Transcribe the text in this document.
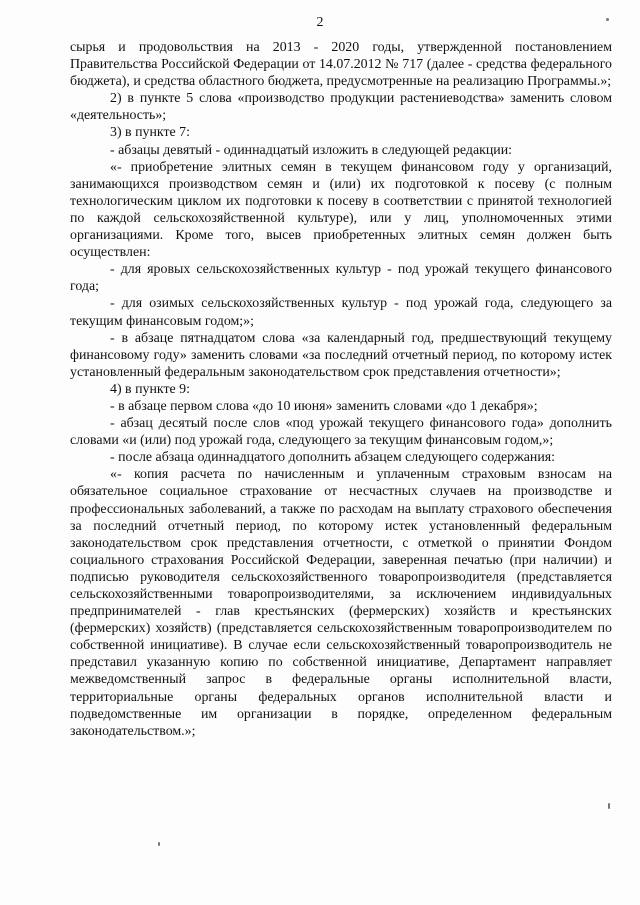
2

сырья и продовольствия на 2013 - 2020 годы, утвержденной постановлением Правительства Российской Федерации от 14.07.2012 № 717 (далее - средства федерального бюджета), и средства областного бюджета, предусмотренные на реализацию Программы.»;

2) в пункте 5 слова «производство продукции растениеводства» заменить словом «деятельность»;

3) в пункте 7:

- абзацы девятый - одиннадцатый изложить в следующей редакции:

«- приобретение элитных семян в текущем финансовом году у организаций, занимающихся производством семян и (или) их подготовкой к посеву (с полным технологическим циклом их подготовки к посеву в соответствии с принятой технологией по каждой сельскохозяйственной культуре), или у лиц, уполномоченных этими организациями. Кроме того, высев приобретенных элитных семян должен быть осуществлен:

- для яровых сельскохозяйственных культур - под урожай текущего финансового года;

- для озимых сельскохозяйственных культур - под урожай года, следующего за текущим финансовым годом;»;

- в абзаце пятнадцатом слова «за календарный год, предшествующий текущему финансовому году» заменить словами «за последний отчетный период, по которому истек установленный федеральным законодательством срок представления отчетности»;

4) в пункте 9:

- в абзаце первом слова «до 10 июня» заменить словами «до 1 декабря»;

- абзац десятый после слов «под урожай текущего финансового года» дополнить словами «и (или) под урожай года, следующего за текущим финансовым годом,»;

- после абзаца одиннадцатого дополнить абзацем следующего содержания:

«- копия расчета по начисленным и уплаченным страховым взносам на обязательное социальное страхование от несчастных случаев на производстве и профессиональных заболеваний, а также по расходам на выплату страхового обеспечения за последний отчетный период, по которому истек установленный федеральным законодательством срок представления отчетности, с отметкой о принятии Фондом социального страхования Российской Федерации, заверенная печатью (при наличии) и подписью руководителя сельскохозяйственного товаропроизводителя (представляется сельскохозяйственными товаропроизводителями, за исключением индивидуальных предпринимателей - глав крестьянских (фермерских) хозяйств и крестьянских (фермерских) хозяйств) (представляется сельскохозяйственным товаропроизводителем по собственной инициативе). В случае если сельскохозяйственный товаропроизводитель не представил указанную копию по собственной инициативе, Департамент направляет межведомственный запрос в федеральные органы исполнительной власти, территориальные органы федеральных органов исполнительной власти и подведомственные им организации в порядке, определенном федеральным законодательством.»;
